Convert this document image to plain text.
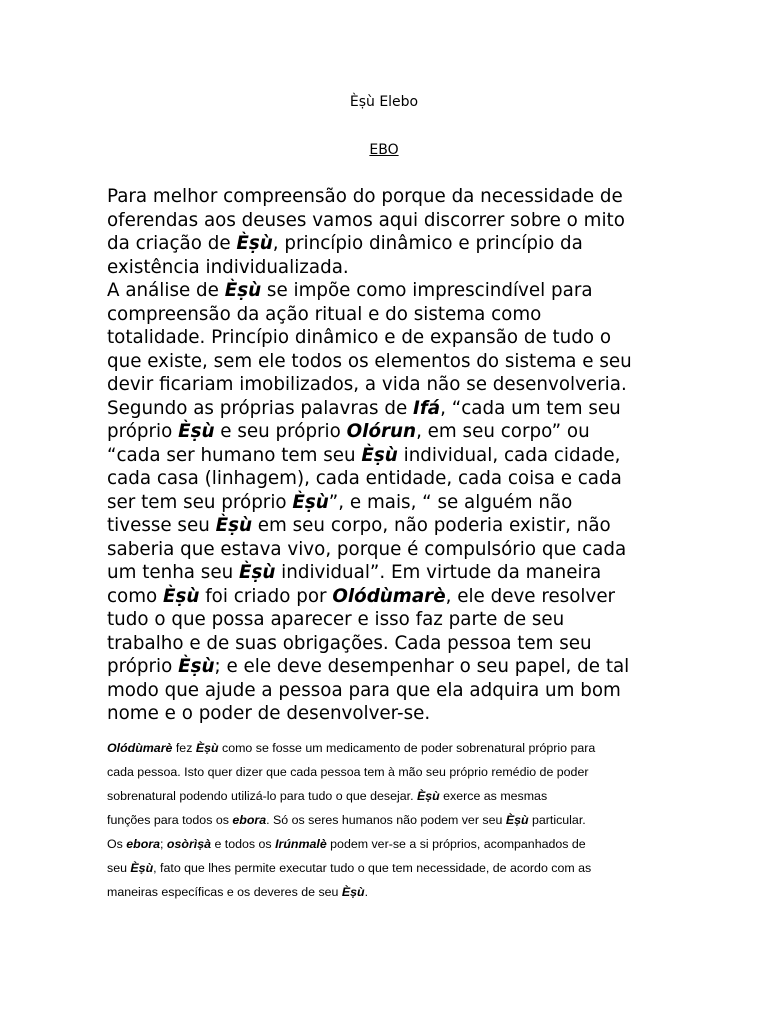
Èṣù Elebo

EBO

Para melhor compreensão do porque da necessidade de
oferendas aos deuses vamos aqui discorrer sobre o mito
da criação de Èṣù, princípio dinâmico e princípio da
existência individualizada.
A análise de Èṣù se impõe como imprescindível para
compreensão da ação ritual e do sistema como
totalidade. Princípio dinâmico e de expansão de tudo o
que existe, sem ele todos os elementos do sistema e seu
devir ficariam imobilizados, a vida não se desenvolveria.
Segundo as próprias palavras de Ifá, “cada um tem seu
próprio Èṣù e seu próprio Olórun, em seu corpo” ou
“cada ser humano tem seu Èṣù individual, cada cidade,
cada casa (linhagem), cada entidade, cada coisa e cada
ser tem seu próprio Èṣù”, e mais, “ se alguém não
tivesse seu Èṣù em seu corpo, não poderia existir, não
saberia que estava vivo, porque é compulsório que cada
um tenha seu Èṣù individual”. Em virtude da maneira
como Èṣù foi criado por Olódùmarè, ele deve resolver
tudo o que possa aparecer e isso faz parte de seu
trabalho e de suas obrigações. Cada pessoa tem seu
próprio Èṣù; e ele deve desempenhar o seu papel, de tal
modo que ajude a pessoa para que ela adquira um bom
nome e o poder de desenvolver-se.
Olódùmarè fez Èṣù como se fosse um medicamento de poder sobrenatural próprio para
cada pessoa. Isto quer dizer que cada pessoa tem à mão seu próprio remédio de poder
sobrenatural podendo utilizá-lo para tudo o que desejar. Èṣù exerce as mesmas
funções para todos os ebora. Só os seres humanos não podem ver seu Èṣù particular.
Os ebora; osòrìṣà e todos os Irúnmalè podem ver-se a si próprios, acompanhados de
seu Èṣù, fato que lhes permite executar tudo o que tem necessidade, de acordo com as
maneiras específicas e os deveres de seu Èṣù.
